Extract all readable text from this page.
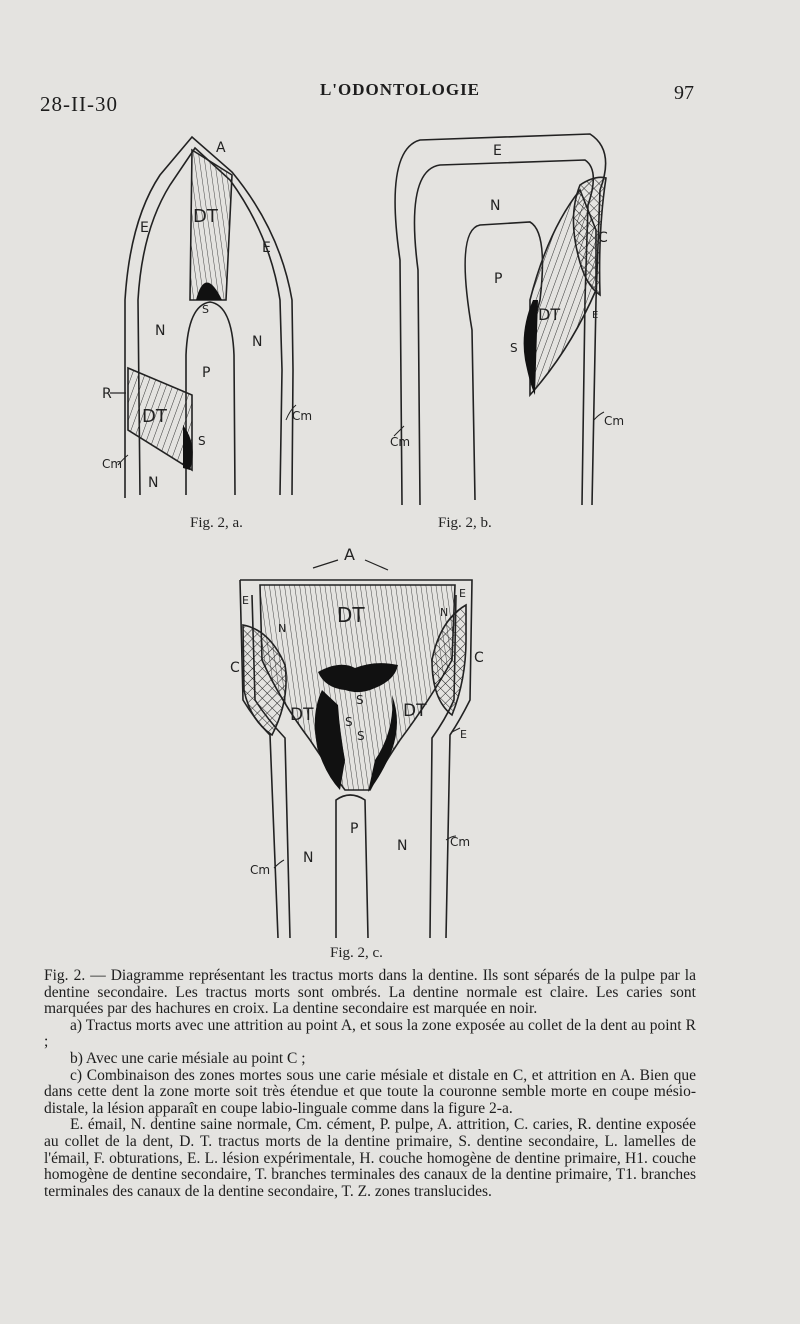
28-II-30
L'ODONTOLOGIE	97
A
E
E
DT
S
N
N
P
R
DT
S
Cm
Cm
N
E
N
P
C
DT
S
E
Cm
Cm
Fig. 2, a.	Fig. 2, b.
A
DT
E
E
N
N
C
C
DT	DT
S
S
S	E
P
N
N
Cm
Cm
Fig. 2, c.

Fig. 2. — Diagramme représentant les tractus morts dans la dentine. Ils sont séparés de la pulpe par la dentine secondaire. Les tractus morts sont ombrés. La dentine normale est claire. Les caries sont marquées par des hachures en croix. La dentine secondaire est marquée en noir.

a) Tractus morts avec une attrition au point A, et sous la zone exposée au collet de la dent au point R ;

b) Avec une carie mésiale au point C ;

c) Combinaison des zones mortes sous une carie mésiale et distale en C, et attrition en A. Bien que dans cette dent la zone morte soit très étendue et que toute la couronne semble morte en coupe mésio-distale, la lésion apparaît en coupe labio-linguale comme dans la figure 2-a.

E. émail, N. dentine saine normale, Cm. cément, P. pulpe, A. attrition, C. caries, R. dentine exposée au collet de la dent, D. T. tractus morts de la dentine primaire, S. dentine secondaire, L. lamelles de l'émail, F. obturations, E. L. lésion expérimentale, H. couche homogène de dentine primaire, H1. couche homogène de dentine secondaire, T. branches terminales des canaux de la dentine primaire, T1. branches terminales des canaux de la dentine secondaire, T. Z. zones translucides.
